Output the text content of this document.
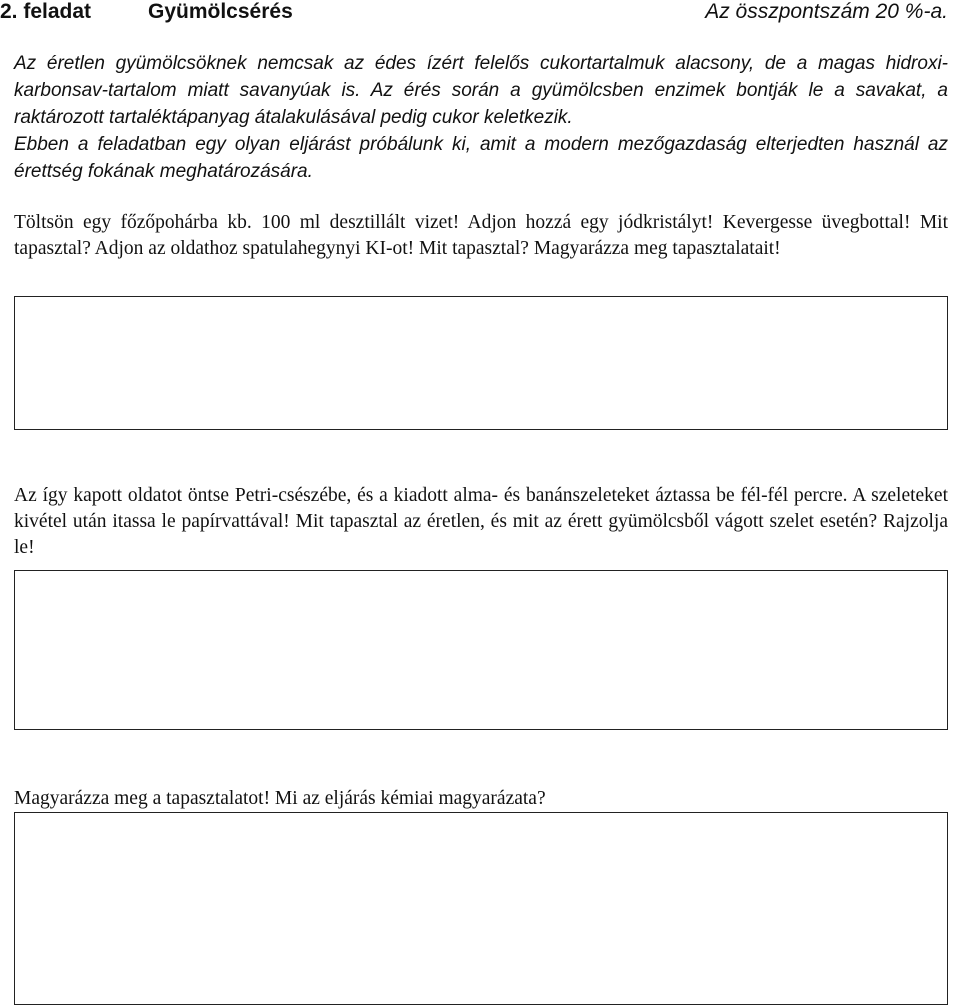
2. feladat	Gyümölcsérés	Az összpontszám 20 %-a.

Az éretlen gyümölcsöknek nemcsak az édes ízért felelős cukortartalmuk alacsony, de a magas hidroxi-karbonsav-tartalom miatt savanyúak is. Az érés során a gyümölcsben enzimek bontják le a savakat, a raktározott tartaléktápanyag átalakulásával pedig cukor keletkezik.

Ebben a feladatban egy olyan eljárást próbálunk ki, amit a modern mezőgazdaság elterjedten használ az érettség fokának meghatározására.

Töltsön egy főzőpohárba kb. 100 ml desztillált vizet! Adjon hozzá egy jódkristályt! Kevergesse üvegbottal! Mit tapasztal? Adjon az oldathoz spatulahegynyi KI-ot! Mit tapasztal? Magyarázza meg tapasztalatait!

Az így kapott oldatot öntse Petri-csészébe, és a kiadott alma- és banánszeleteket áztassa be fél-fél percre. A szeleteket kivétel után itassa le papírvattával! Mit tapasztal az éretlen, és mit az érett gyümölcsből vágott szelet esetén? Rajzolja le!

Magyarázza meg a tapasztalatot! Mi az eljárás kémiai magyarázata?
